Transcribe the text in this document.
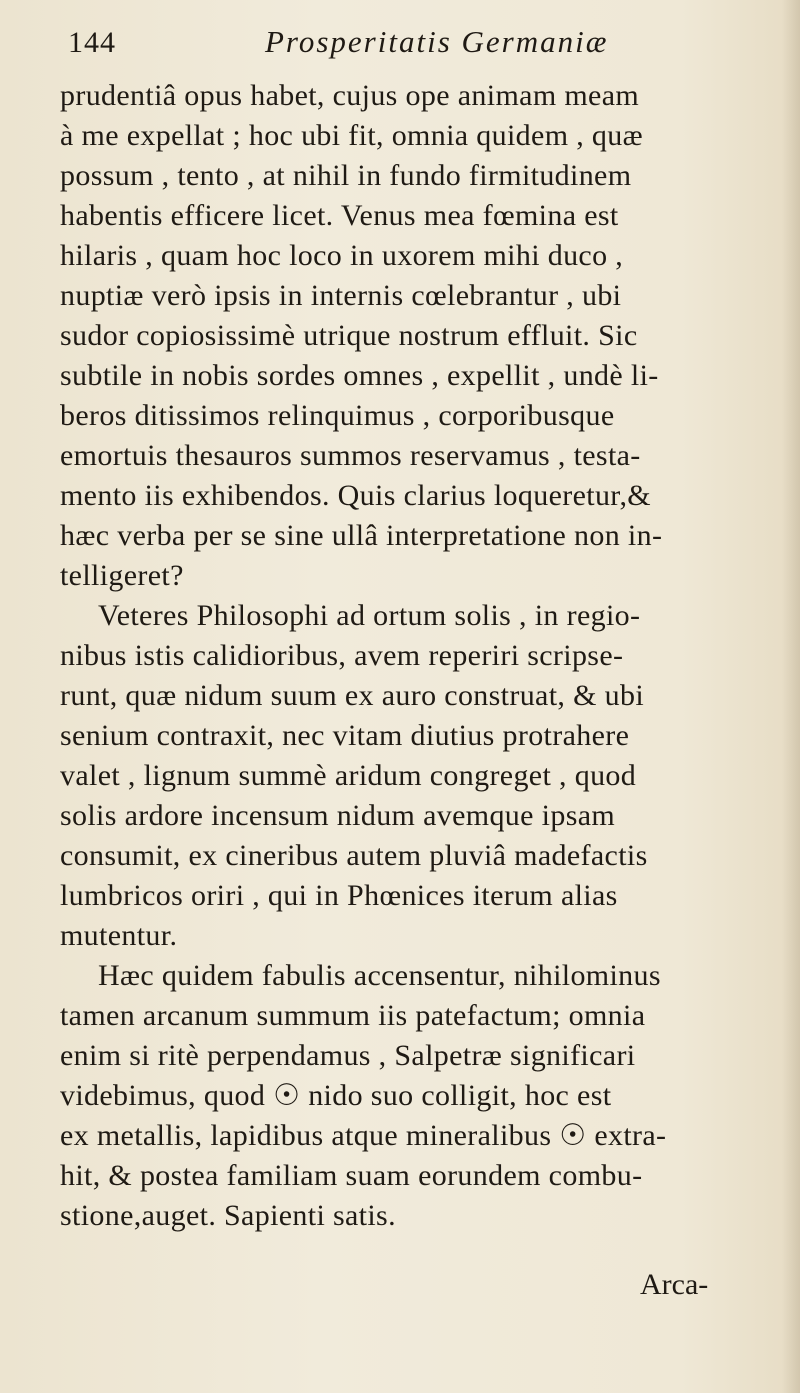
144	Prosperitatis Germaniæ
prudentiâ opus habet, cujus ope animam meam
à me expellat ; hoc ubi fit, omnia quidem , quæ
possum , tento , at nihil in fundo firmitudinem
habentis efficere licet. Venus mea fœmina est
hilaris , quam hoc loco in uxorem mihi duco ,
nuptiæ verò ipsis in internis cœlebrantur , ubi
sudor copiosissimè utrique nostrum effluit. Sic
subtile in nobis sordes omnes , expellit , undè li-
beros ditissimos relinquimus , corporibusque
emortuis thesauros summos reservamus , testa-
mento iis exhibendos. Quis clarius loqueretur,&
hæc verba per se sine ullâ interpretatione non in-
telligeret?
Veteres Philosophi ad ortum solis , in regio-
nibus istis calidioribus, avem reperiri scripse-
runt, quæ nidum suum ex auro construat, & ubi
senium contraxit, nec vitam diutius protrahere
valet , lignum summè aridum congreget , quod
solis ardore incensum nidum avemque ipsam
consumit, ex cineribus autem pluviâ madefactis
lumbricos oriri , qui in Phœnices iterum alias
mutentur.
Hæc quidem fabulis accensentur, nihilominus
tamen arcanum summum iis patefactum; omnia
enim si ritè perpendamus , Salpetræ significari
videbimus, quod ☉ nido suo colligit, hoc est
ex metallis, lapidibus atque mineralibus ☉ extra-
hit, & postea familiam suam eorundem combu-
stione,auget. Sapienti satis.
Arca-
